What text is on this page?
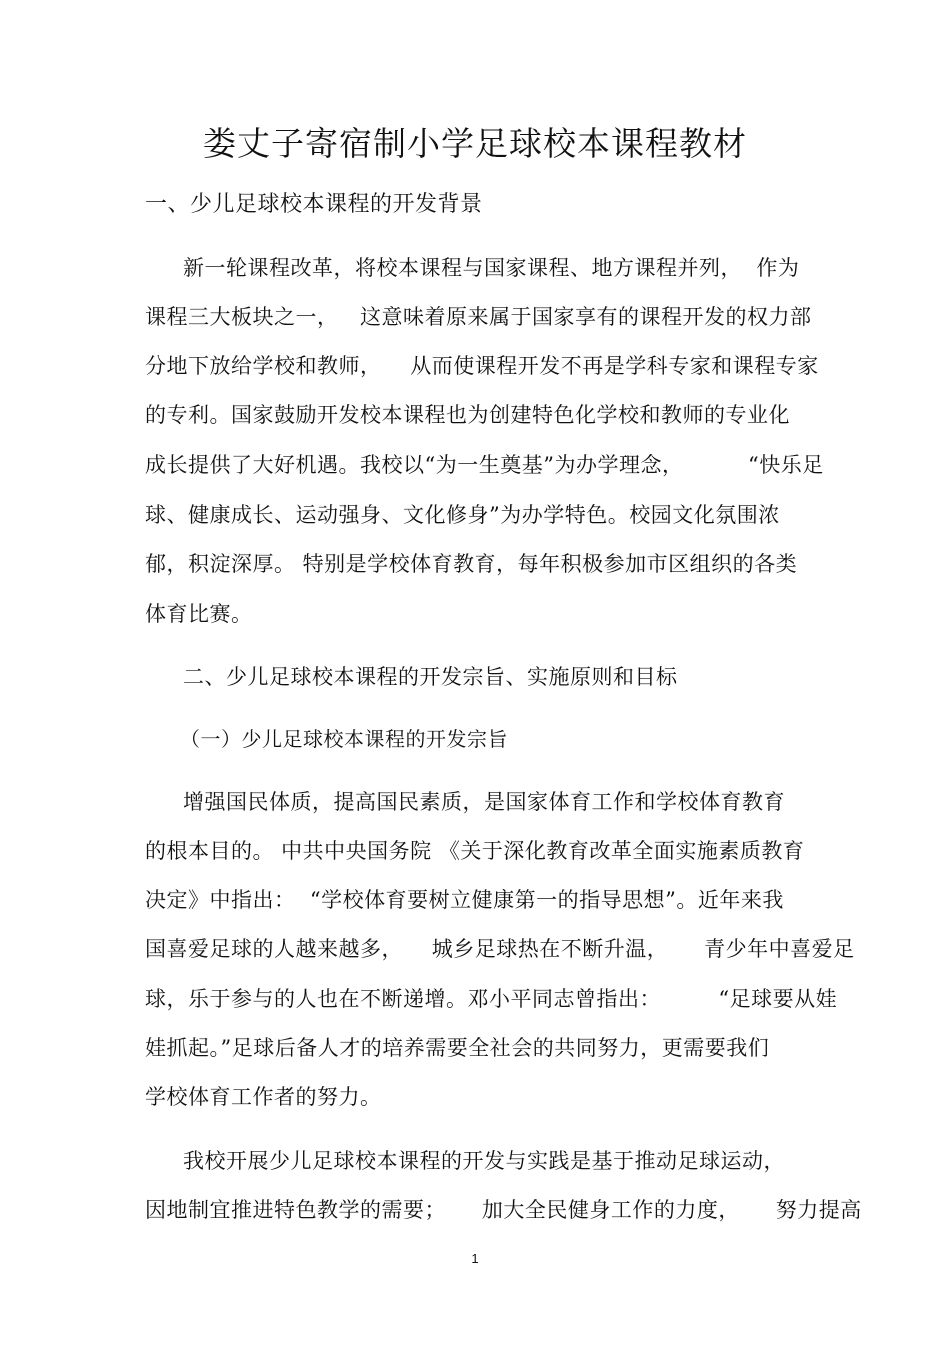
娄丈子寄宿制小学足球校本课程教材
一、少儿足球校本课程的开发背景
新一轮课程改革，将校本课程与国家课程、地方课程并列，  作为
课程三大板块之一，   这意味着原来属于国家享有的课程开发的权力部
分地下放给学校和教师，    从而使课程开发不再是学科专家和课程专家
的专利。国家鼓励开发校本课程也为创建特色化学校和教师的专业化
成长提供了大好机遇。我校以“为一生奠基”为办学理念，         “快乐足
球、健康成长、运动强身、文化修身”为办学特色。校园文化氛围浓
郁，积淀深厚。 特别是学校体育教育，每年积极参加市区组织的各类
体育比赛。
二、少儿足球校本课程的开发宗旨、实施原则和目标
（一）少儿足球校本课程的开发宗旨
增强国民体质，提高国民素质，是国家体育工作和学校体育教育
的根本目的。 中共中央国务院 《关于深化教育改革全面实施素质教育
决定》中指出：  “学校体育要树立健康第一的指导思想”。近年来我
国喜爱足球的人越来越多，    城乡足球热在不断升温，     青少年中喜爱足
球，乐于参与的人也在不断递增。邓小平同志曾指出：        “足球要从娃
娃抓起。”足球后备人才的培养需要全社会的共同努力，更需要我们
学校体育工作者的努力。
我校开展少儿足球校本课程的开发与实践是基于推动足球运动，
因地制宜推进特色教学的需要；     加大全民健身工作的力度，     努力提高
1
